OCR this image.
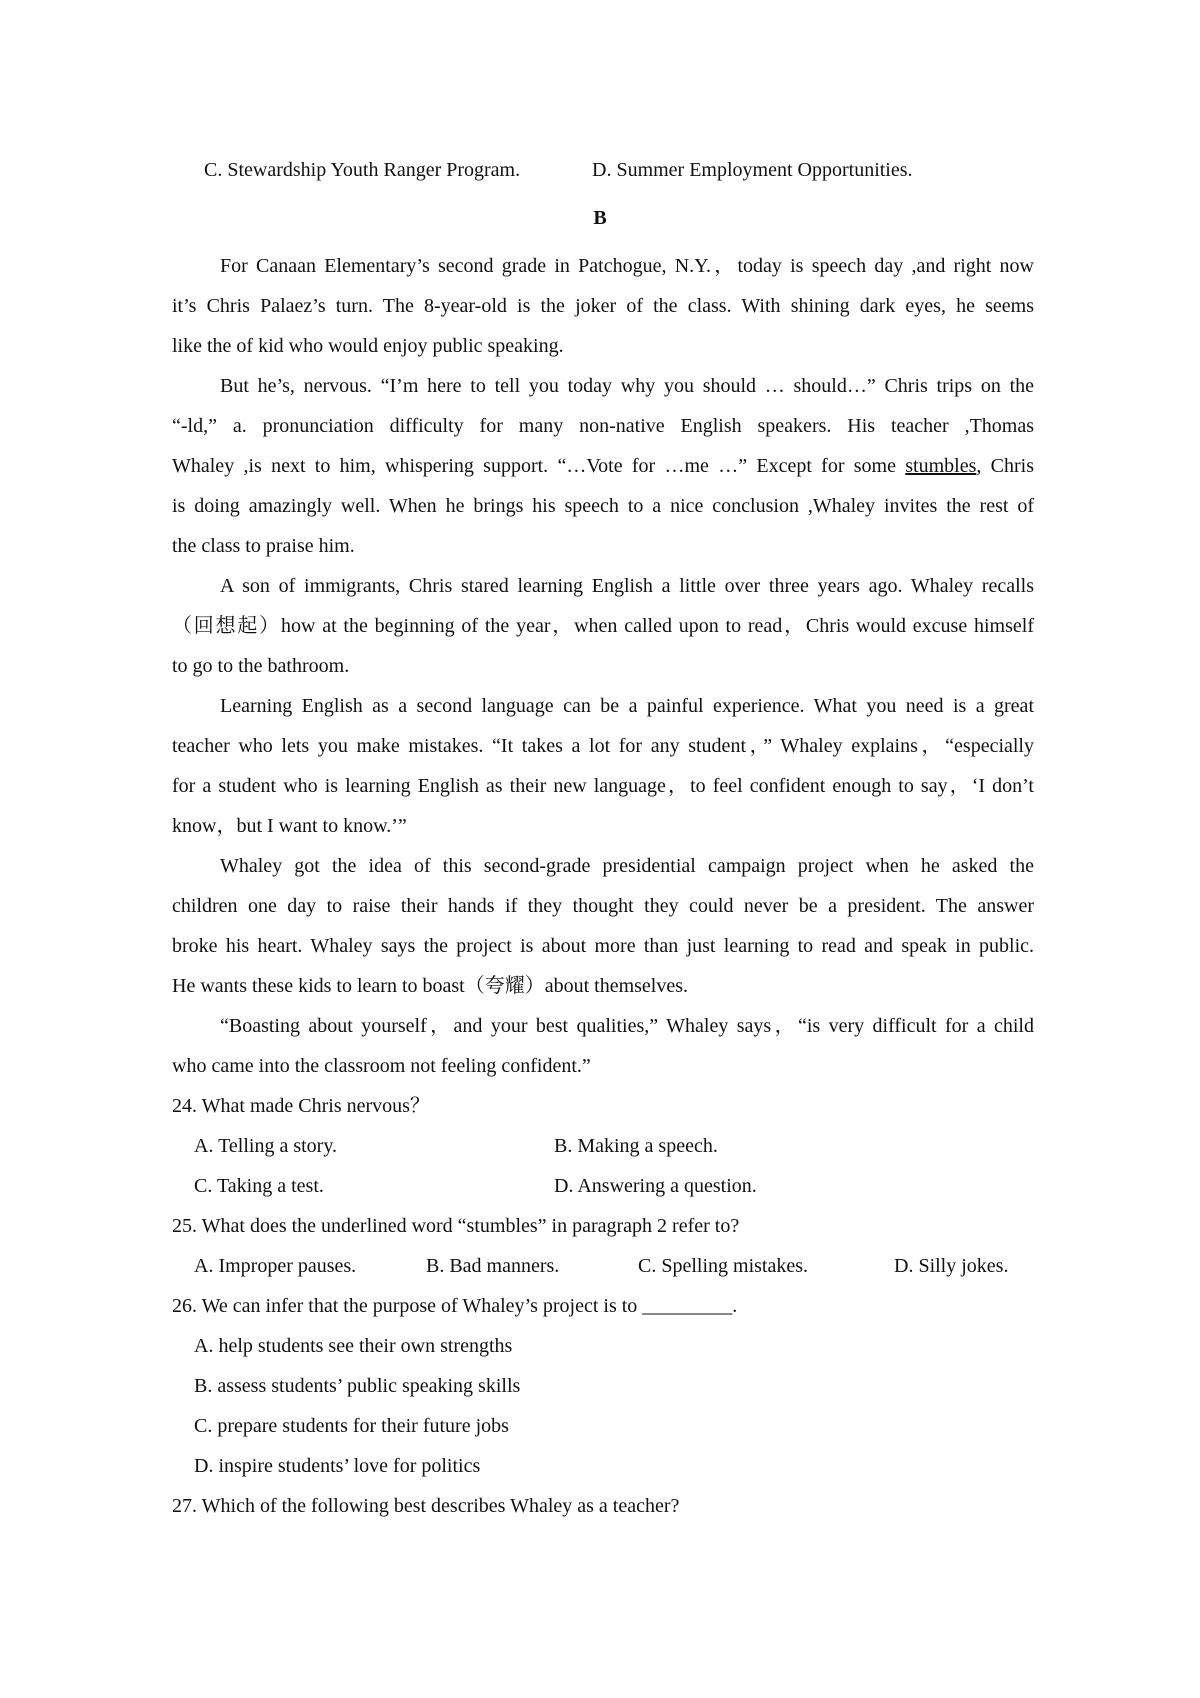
C. Stewardship Youth Ranger Program.	D. Summer Employment Opportunities.
B
For Canaan Elementary’s second grade in Patchogue, N.Y.，today is speech day ,and right now
it’s Chris Palaez’s turn. The 8-year-old is the joker of the class. With shining dark eyes, he seems
like the of kid who would enjoy public speaking.
But he’s, nervous. “I’m here to tell you today why you should … should…” Chris trips on the
“-ld,” a. pronunciation difficulty for many non-native English speakers. His teacher ,Thomas
Whaley ,is next to him, whispering support. “…Vote for …me …” Except for some stumbles, Chris
is doing amazingly well. When he brings his speech to a nice conclusion ,Whaley invites the rest of
the class to praise him.
A son of immigrants, Chris stared learning English a little over three years ago. Whaley recalls
（回想起）how at the beginning of the year，when called upon to read，Chris would excuse himself
to go to the bathroom.
Learning English as a second language can be a painful experience. What you need is a great
teacher who lets you make mistakes. “It takes a lot for any student，” Whaley explains，“especially
for a student who is learning English as their new language，to feel confident enough to say，‘I don’t
know，but I want to know.’”
Whaley got the idea of this second-grade presidential campaign project when he asked the
children one day to raise their hands if they thought they could never be a president. The answer
broke his heart. Whaley says the project is about more than just learning to read and speak in public.
He wants these kids to learn to boast（夸耀）about themselves.
“Boasting about yourself，and your best qualities,” Whaley says，“is very difficult for a child
who came into the classroom not feeling confident.”
24. What made Chris nervous？
A. Telling a story.	B. Making a speech.
C. Taking a test.	D. Answering a question.
25. What does the underlined word “stumbles” in paragraph 2 refer to?
A. Improper pauses.	B. Bad manners.	C. Spelling mistakes.	D. Silly jokes.
26. We can infer that the purpose of Whaley’s project is to _________.
A. help students see their own strengths
B. assess students’ public speaking skills
C. prepare students for their future jobs
D. inspire students’ love for politics
27. Which of the following best describes Whaley as a teacher?
